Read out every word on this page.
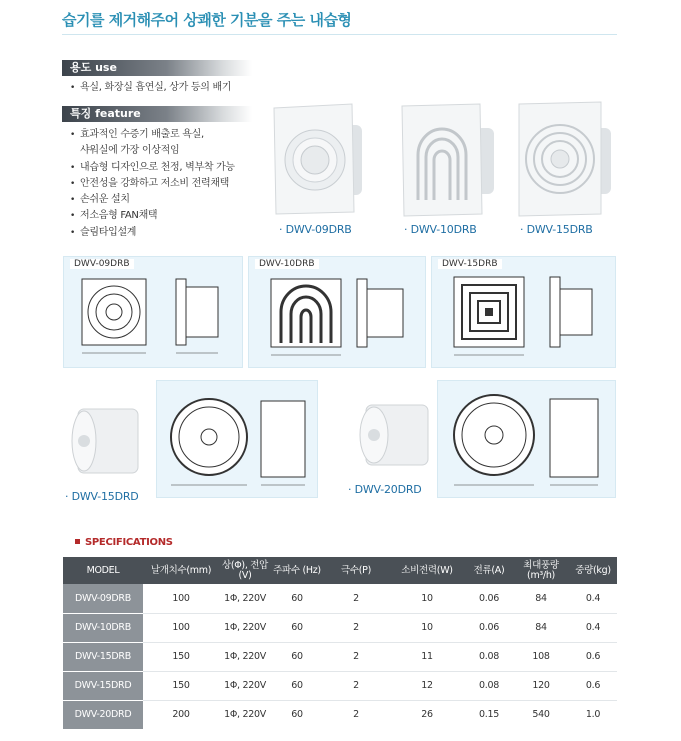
습기를 제거해주어 상쾌한 기분을 주는 내습형
용도 use
• 욕실, 화장실 흡연실, 상가 등의 배기
특징 feature
• 효과적인 수증기 배출로 욕실,
샤워실에 가장 이상적임
• 내습형 디자인으로 천정, 벽부착 가능
• 안전성을 강화하고 저소비 전력채택
• 손쉬운 설치
• 저소음형 FAN채택
• 슬림타입설계	· DWV-09DRB	· DWV-10DRB	· DWV-15DRB
DWV-09DRB	DWV-10DRB	DWV-15DRB
· DWV-15DRD
· DWV-20DRD
SPECIFICATIONS
MODEL	날개치수(mm)	상(Φ), 전압(V)	주파수 (Hz)	극수(P)	소비전력(W)	전류(A)	최대풍량 (m³/h)	중량(kg)
DWV-09DRB	100	1Φ, 220V	60	2	10	0.06	84	0.4
DWV-10DRB	100	1Φ, 220V	60	2	10	0.06	84	0.4
DWV-15DRB	150	1Φ, 220V	60	2	11	0.08	108	0.6
DWV-15DRD	150	1Φ, 220V	60	2	12	0.08	120	0.6
DWV-20DRD	200	1Φ, 220V	60	2	26	0.15	540	1.0
